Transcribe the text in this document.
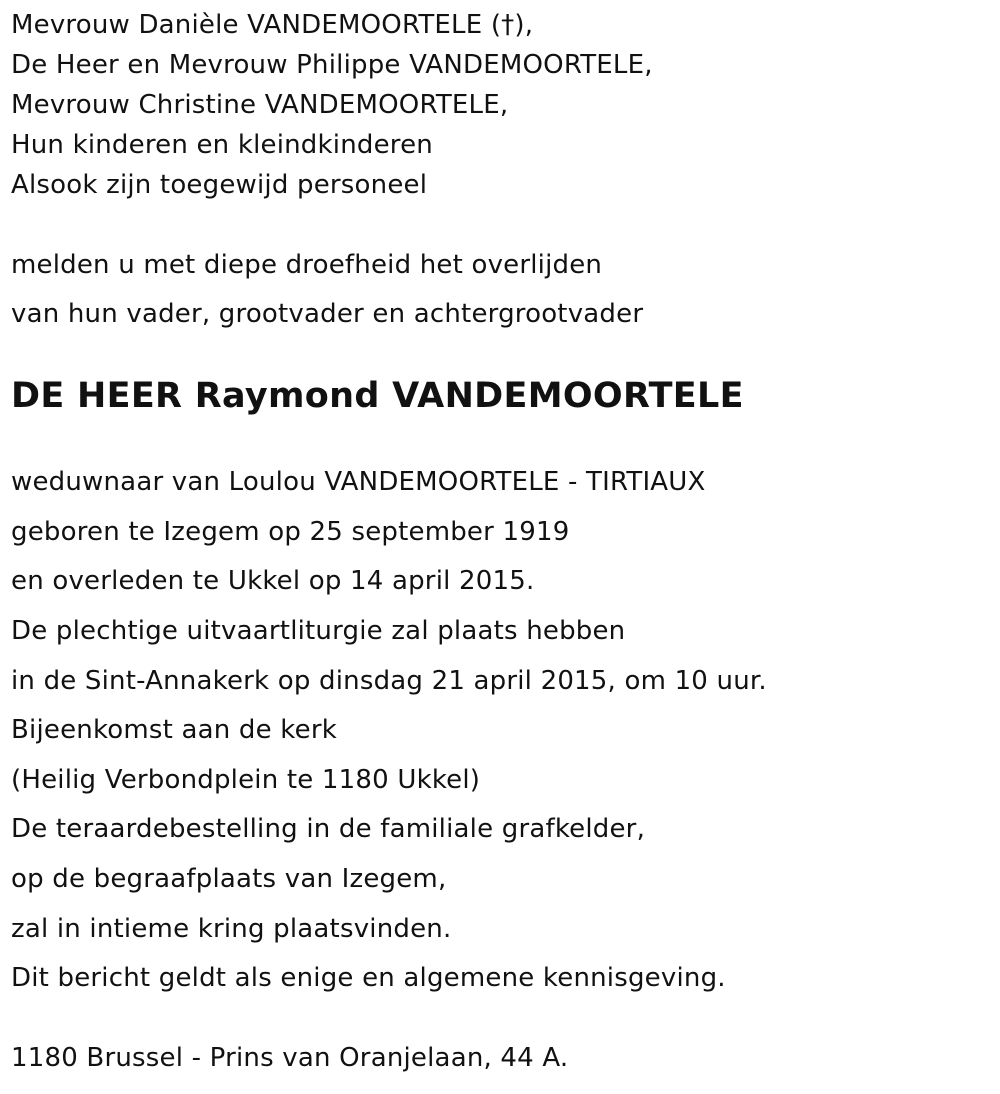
Mevrouw Danièle VANDEMOORTELE (†),
De Heer en Mevrouw Philippe VANDEMOORTELE,
Mevrouw Christine VANDEMOORTELE,
Hun kinderen en kleindkinderen
Alsook zijn toegewijd personeel
melden u met diepe droefheid het overlijden
van hun vader, grootvader en achtergrootvader
DE HEER Raymond VANDEMOORTELE
weduwnaar van Loulou VANDEMOORTELE - TIRTIAUX
geboren te Izegem op 25 september 1919
en overleden te Ukkel op 14 april 2015.
De plechtige uitvaartliturgie zal plaats hebben
in de Sint-Annakerk op dinsdag 21 april 2015, om 10 uur.
Bijeenkomst aan de kerk
(Heilig Verbondplein te 1180 Ukkel)
De teraardebestelling in de familiale grafkelder,
op de begraafplaats van Izegem,
zal in intieme kring plaatsvinden.
Dit bericht geldt als enige en algemene kennisgeving.
1180 Brussel - Prins van Oranjelaan, 44 A.
